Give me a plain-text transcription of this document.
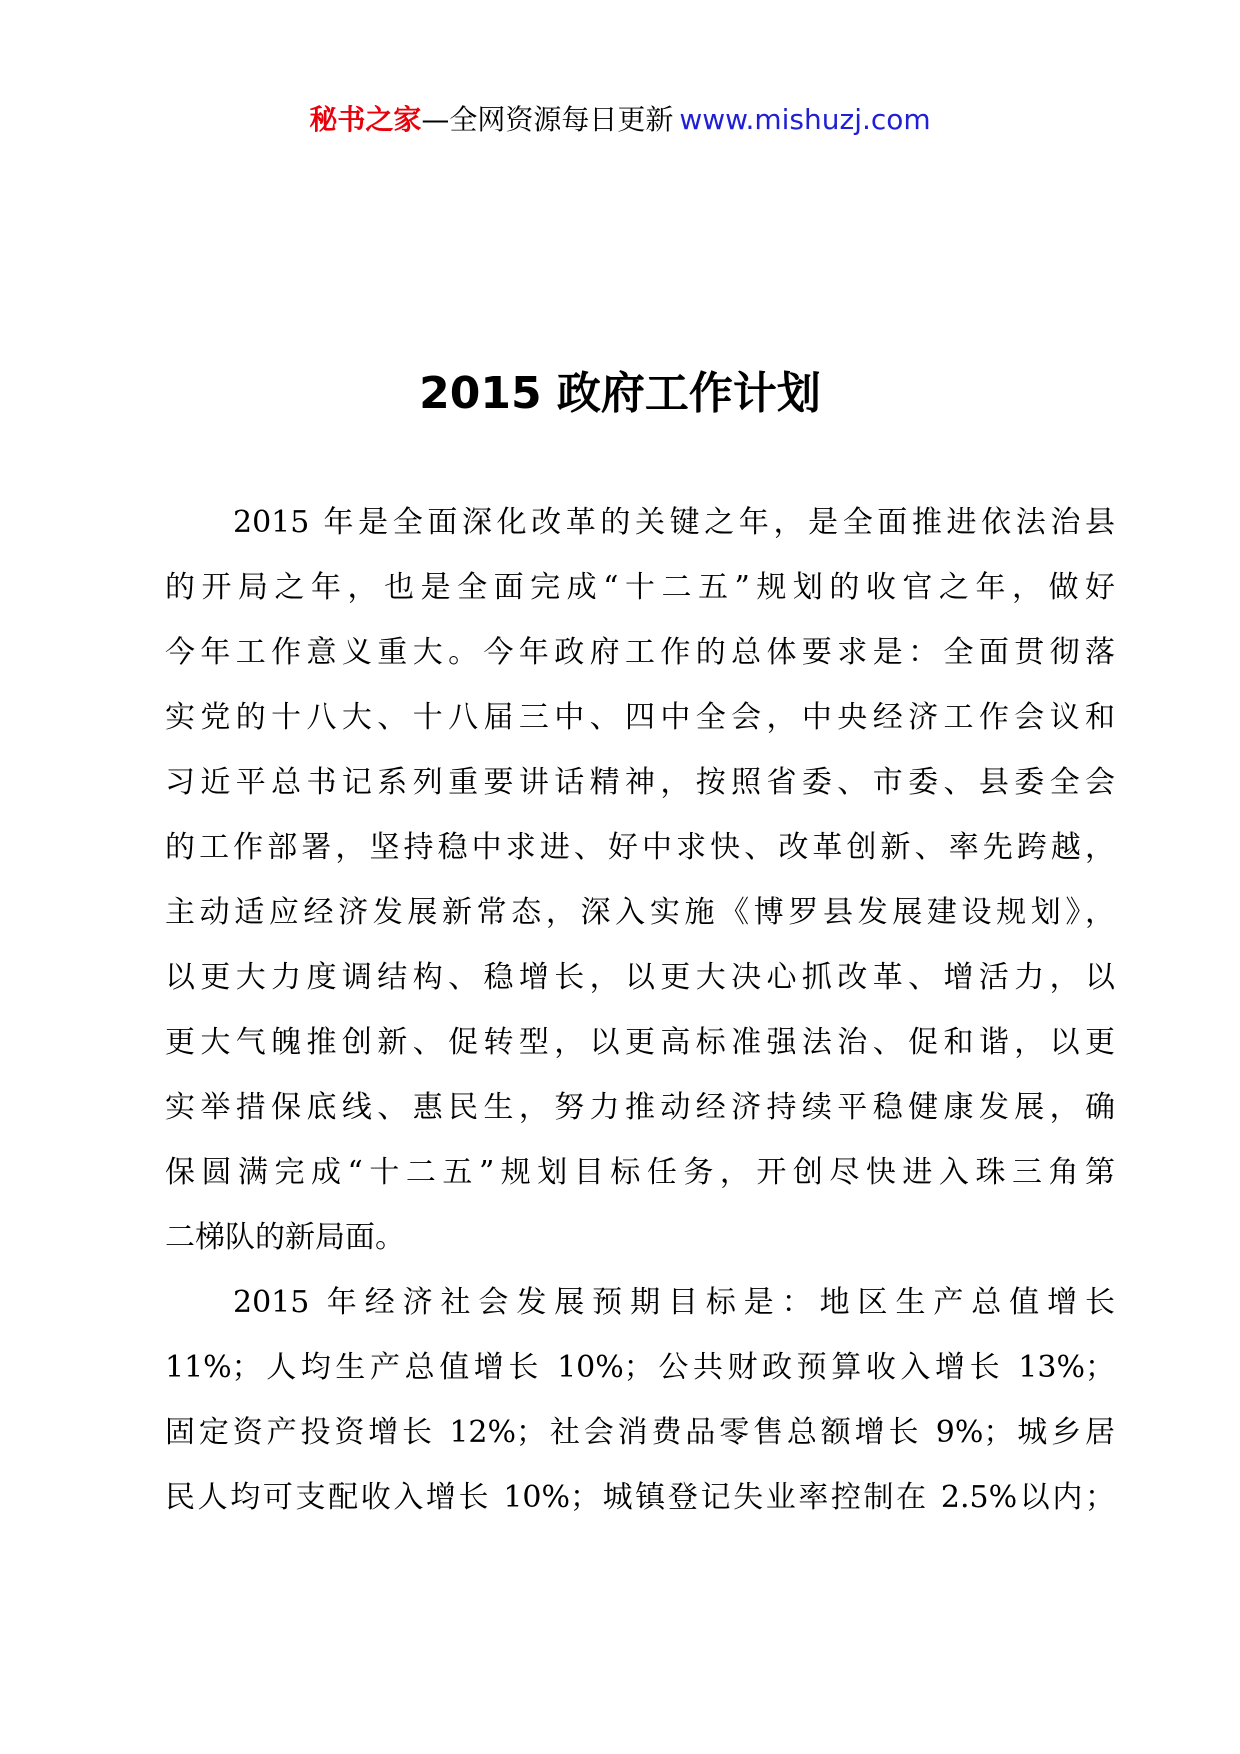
秘书之家—全网资源每日更新 www.mishuzj.com
2015 政府工作计划

2015 年是全面深化改革的关键之年，是全面推进依法治县
的开局之年，也是全面完成“十二五”规划的收官之年，做好
今年工作意义重大。今年政府工作的总体要求是：全面贯彻落
实党的十八大、十八届三中、四中全会，中央经济工作会议和
习近平总书记系列重要讲话精神，按照省委、市委、县委全会
的工作部署，坚持稳中求进、好中求快、改革创新、率先跨越，
主动适应经济发展新常态，深入实施《博罗县发展建设规划》，
以更大力度调结构、稳增长，以更大决心抓改革、增活力，以
更大气魄推创新、促转型，以更高标准强法治、促和谐，以更
实举措保底线、惠民生，努力推动经济持续平稳健康发展，确
保圆满完成“十二五”规划目标任务，开创尽快进入珠三角第
二梯队的新局面。

2015 年经济社会发展预期目标是：地区生产总值增长
11%；人均生产总值增长 10%；公共财政预算收入增长 13%；
固定资产投资增长 12%；社会消费品零售总额增长 9%；城乡居
民人均可支配收入增长 10%；城镇登记失业率控制在 2.5%以内；
